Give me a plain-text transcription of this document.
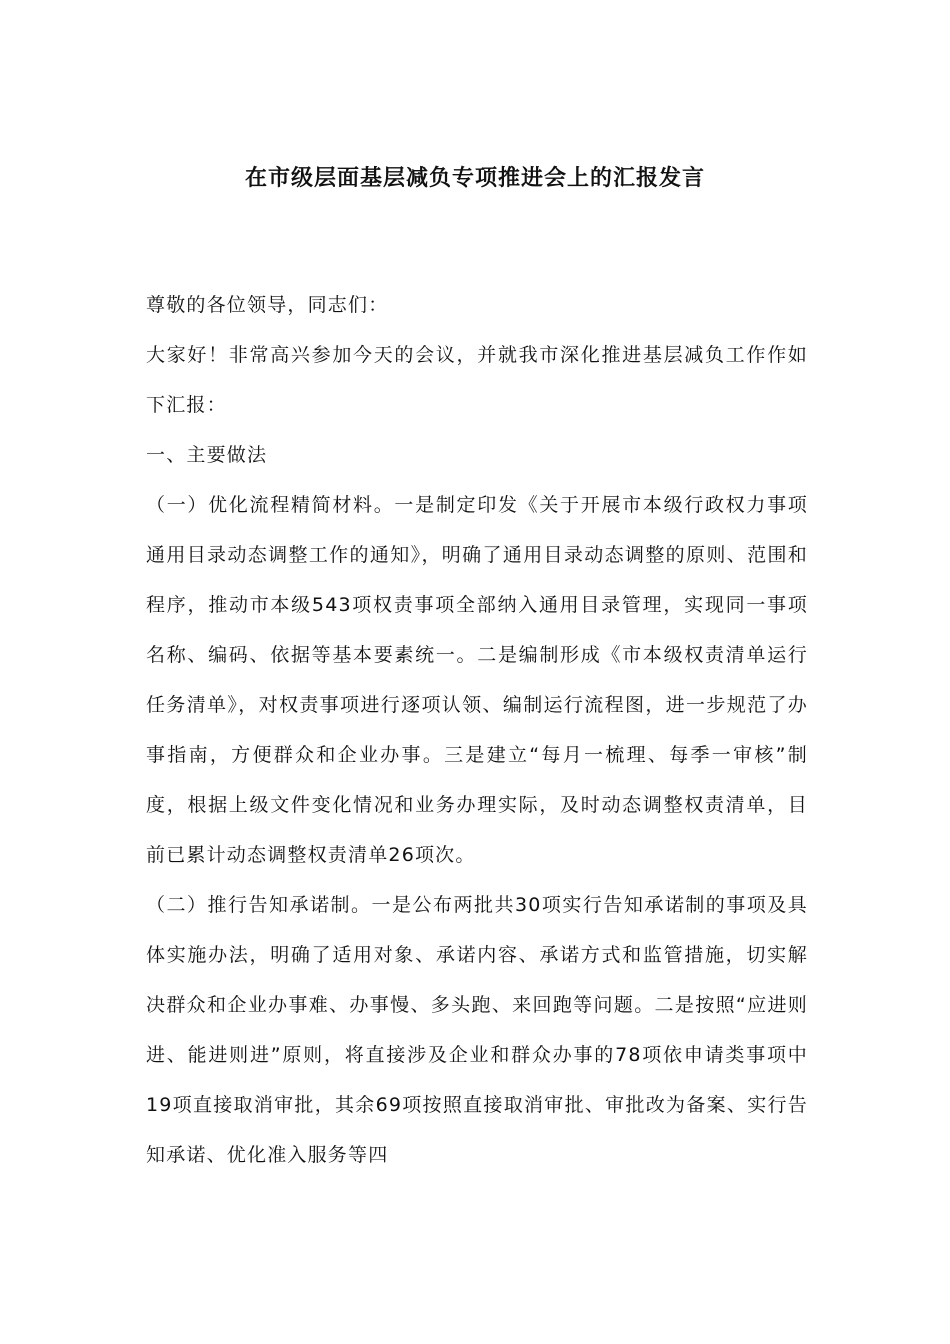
在市级层面基层减负专项推进会上的汇报发言

尊敬的各位领导，同志们：

大家好！非常高兴参加今天的会议，并就我市深化推进基层减负工作作如下汇报：

一、主要做法

（一）优化流程精简材料。一是制定印发《关于开展市本级行政权力事项通用目录动态调整工作的通知》，明确了通用目录动态调整的原则、范围和程序，推动市本级543项权责事项全部纳入通用目录管理，实现同一事项名称、编码、依据等基本要素统一。二是编制形成《市本级权责清单运行任务清单》，对权责事项进行逐项认领、编制运行流程图，进一步规范了办事指南，方便群众和企业办事。三是建立“每月一梳理、每季一审核”制度，根据上级文件变化情况和业务办理实际，及时动态调整权责清单，目前已累计动态调整权责清单26项次。

（二）推行告知承诺制。一是公布两批共30项实行告知承诺制的事项及具体实施办法，明确了适用对象、承诺内容、承诺方式和监管措施，切实解决群众和企业办事难、办事慢、多头跑、来回跑等问题。二是按照“应进则进、能进则进”原则，将直接涉及企业和群众办事的78项依申请类事项中19项直接取消审批，其余69项按照直接取消审批、审批改为备案、实行告知承诺、优化准入服务等四
